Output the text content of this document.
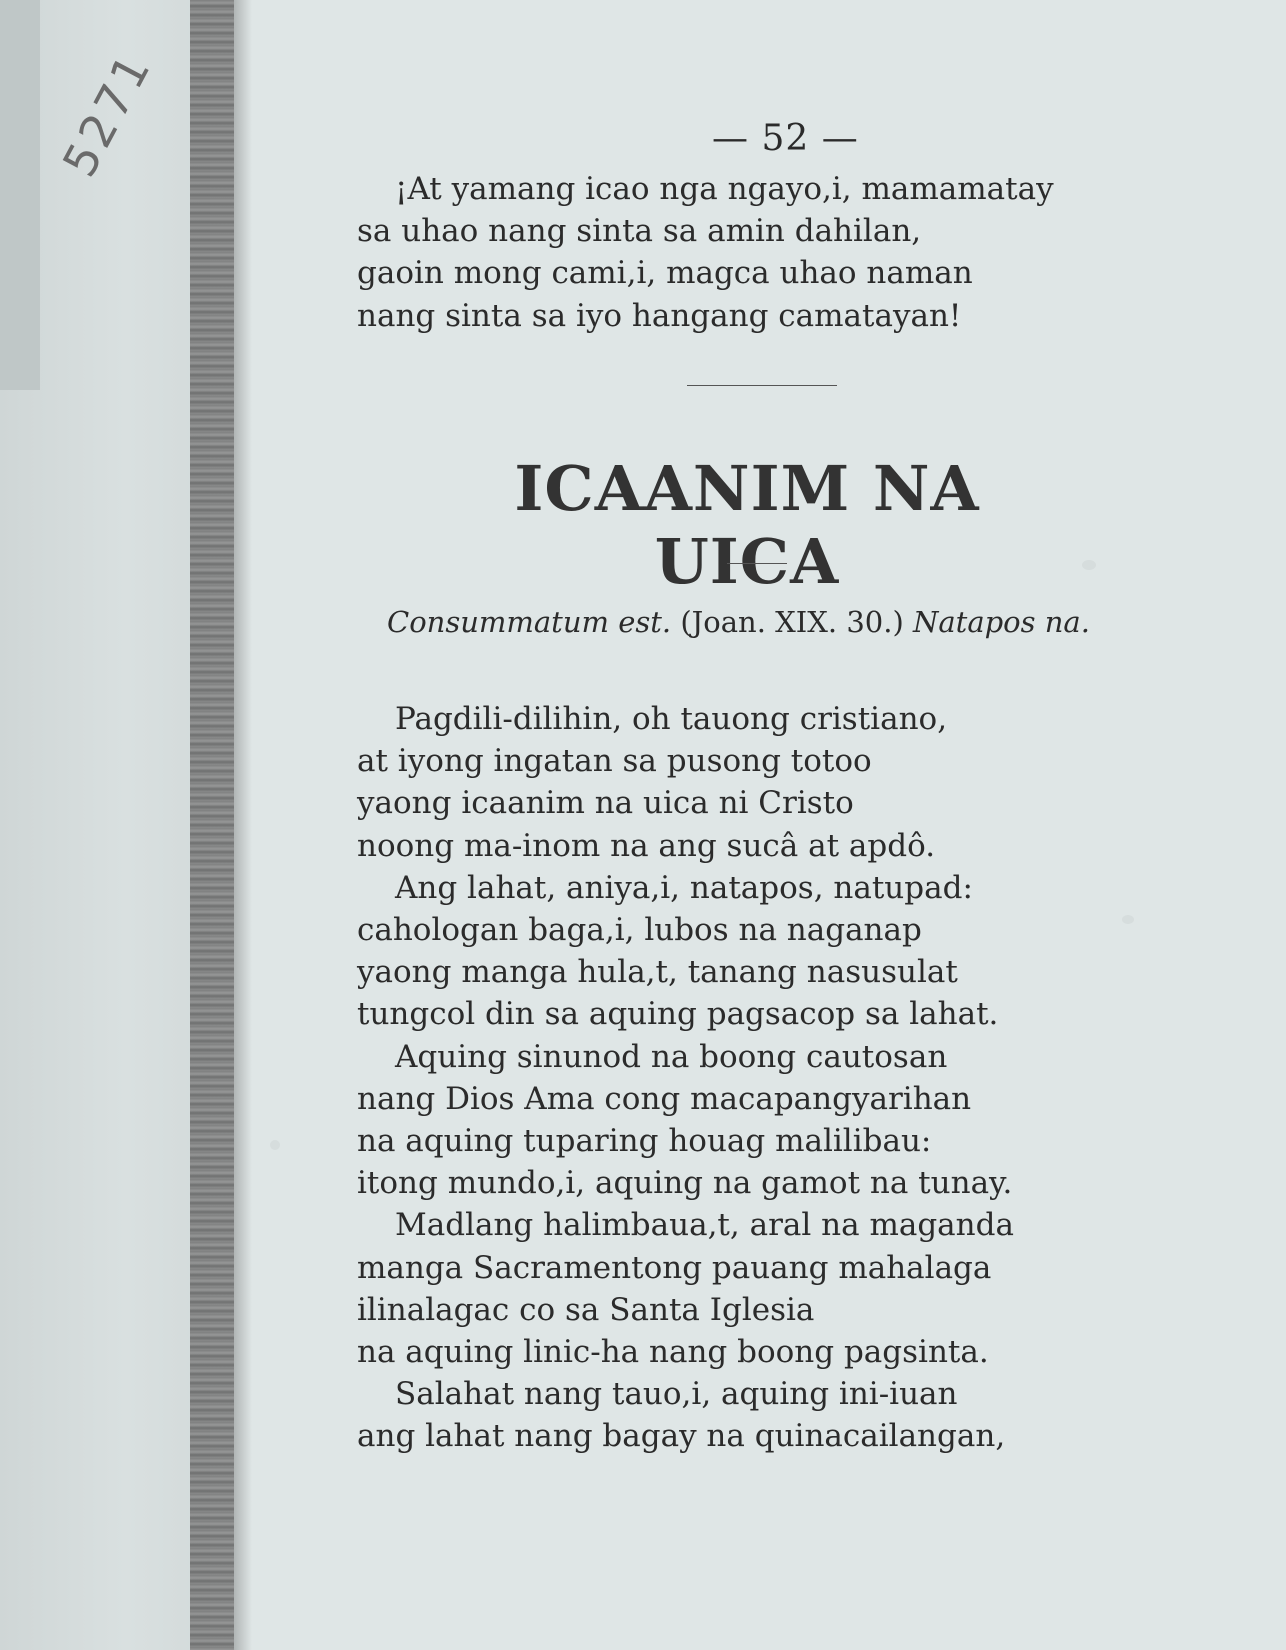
5271	— 52 —
¡At yamang icao nga ngayo,i, mamamatay
sa uhao nang sinta sa amin dahilan,
gaoin mong cami,i, magca uhao naman
nang sinta sa iyo hangang camatayan!
ICAANIM NA UICA
Consummatum est. (Joan. XIX. 30.) Natapos na.
Pagdili-dilihin, oh tauong cristiano,
at iyong ingatan sa pusong totoo
yaong icaanim na uica ni Cristo
noong ma-inom na ang sucâ at apdô.
Ang lahat, aniya,i, natapos, natupad:
cahologan baga,i, lubos na naganap
yaong manga hula,t, tanang nasusulat
tungcol din sa aquing pagsacop sa lahat.
Aquing sinunod na boong cautosan
nang Dios Ama cong macapangyarihan
na aquing tuparing houag malilibau:
itong mundo,i, aquing na gamot na tunay.
Madlang halimbaua,t, aral na maganda
manga Sacramentong pauang mahalaga
ilinalagac co sa Santa Iglesia
na aquing linic-ha nang boong pagsinta.
Salahat nang tauo,i, aquing ini-iuan
ang lahat nang bagay na quinacailangan,
